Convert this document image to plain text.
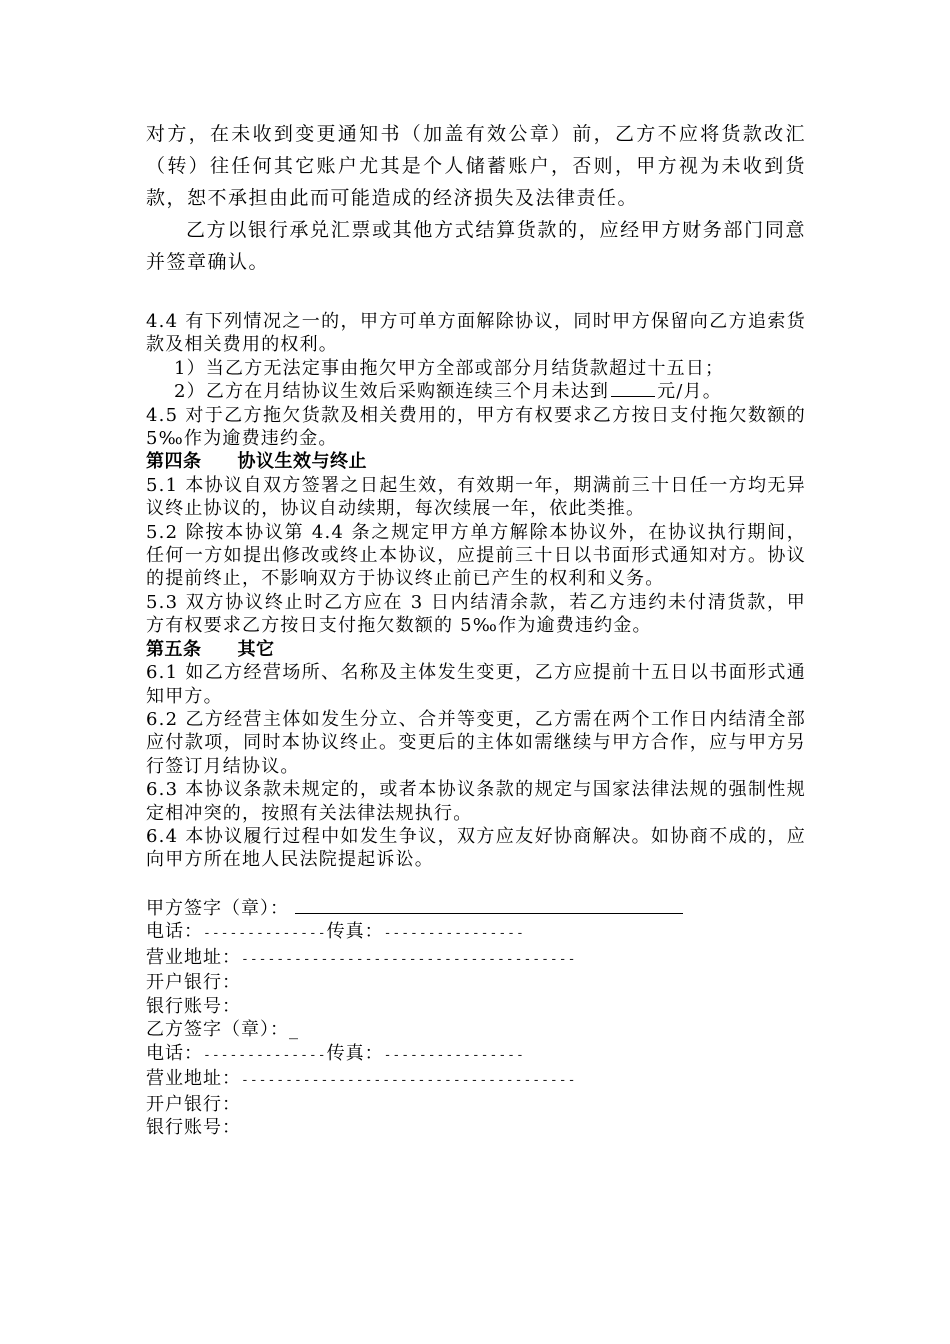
对方，在未收到变更通知书（加盖有效公章）前，乙方不应将货款改汇（转）往任何其它账户尤其是个人储蓄账户，否则，甲方视为未收到货款，恕不承担由此而可能造成的经济损失及法律责任。

乙方以银行承兑汇票或其他方式结算货款的，应经甲方财务部门同意并签章确认。

4.4 有下列情况之一的，甲方可单方面解除协议，同时甲方保留向乙方追索货款及相关费用的权利。

1）当乙方无法定事由拖欠甲方全部或部分月结货款超过十五日；

2）乙方在月结协议生效后采购额连续三个月未达到	元/月。

4.5 对于乙方拖欠货款及相关费用的，甲方有权要求乙方按日支付拖欠数额的 5‰作为逾费违约金。

第四条 协议生效与终止

5.1 本协议自双方签署之日起生效，有效期一年，期满前三十日任一方均无异议终止协议的，协议自动续期，每次续展一年，依此类推。

5.2 除按本协议第 4.4 条之规定甲方单方解除本协议外，在协议执行期间，任何一方如提出修改或终止本协议，应提前三十日以书面形式通知对方。协议的提前终止，不影响双方于协议终止前已产生的权利和义务。

5.3 双方协议终止时乙方应在 3 日内结清余款，若乙方违约未付清货款，甲方有权要求乙方按日支付拖欠数额的 5‰作为逾费违约金。

第五条 其它

6.1 如乙方经营场所、名称及主体发生变更，乙方应提前十五日以书面形式通知甲方。

6.2 乙方经营主体如发生分立、合并等变更，乙方需在两个工作日内结清全部应付款项，同时本协议终止。变更后的主体如需继续与甲方合作，应与甲方另行签订月结协议。

6.3 本协议条款未规定的，或者本协议条款的规定与国家法律法规的强制性规定相冲突的，按照有关法律法规执行。

6.4 本协议履行过程中如发生争议，双方应友好协商解决。如协商不成的，应向甲方所在地人民法院提起诉讼。

甲方签字（章）：

电话：--------------传真：----------------

营业地址：--------------------------------------

开户银行：

银行账号：

乙方签字（章）：_

电话：--------------传真：----------------

营业地址：--------------------------------------

开户银行：

银行账号：
